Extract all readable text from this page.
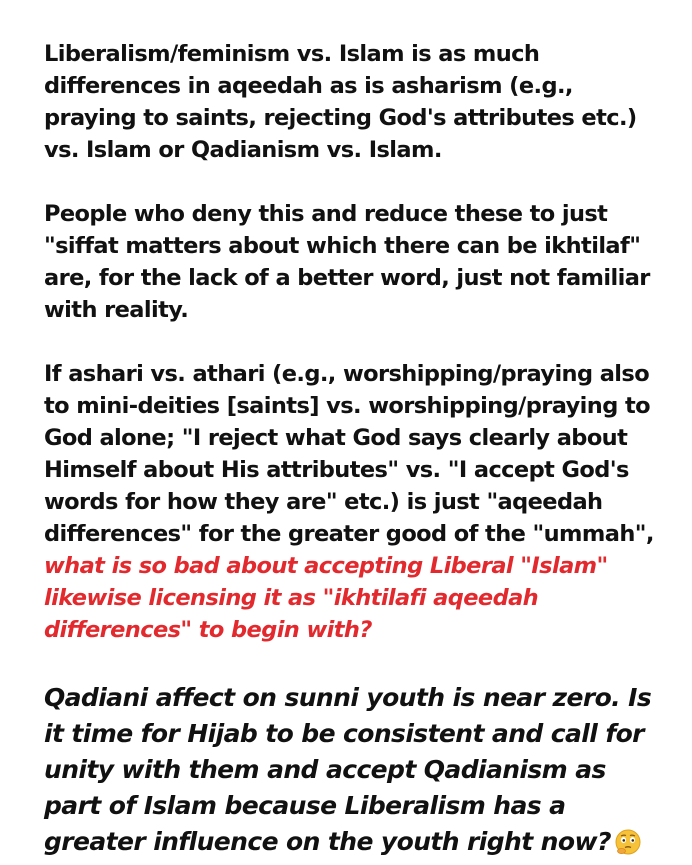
Liberalism/feminism vs. Islam is as much differences in aqeedah as is asharism (e.g., praying to saints, rejecting God's attributes etc.) vs. Islam or Qadianism vs. Islam.

People who deny this and reduce these to just "siffat matters about which there can be ikhtilaf" are, for the lack of a better word, just not familiar with reality.

If ashari vs. athari (e.g., worshipping/praying also to mini-deities [saints] vs. worshipping/praying to God alone; "I reject what God says clearly about Himself about His attributes" vs. "I accept God's words for how they are" etc.) is just "aqeedah differences" for the greater good of the "ummah", what is so bad about accepting Liberal "Islam" likewise licensing it as "ikhtilafi aqeedah differences" to begin with?

Qadiani affect on sunni youth is near zero. Is it time for Hijab to be consistent and call for unity with them and accept Qadianism as part of Islam because Liberalism has a greater influence on the youth right now?
